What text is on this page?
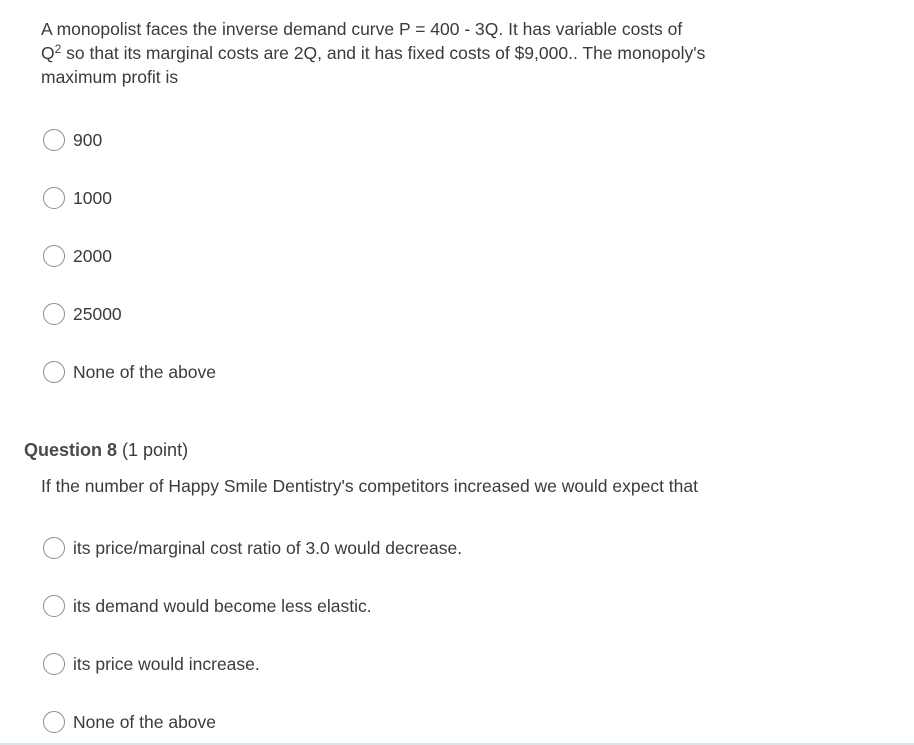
A monopolist faces the inverse demand curve P = 400 - 3Q. It has variable costs of
$Q^2$ so that its marginal costs are 2Q, and it has fixed costs of $9,000.. The monopoly's
maximum profit is

900
1000
2000
25000
None of the above
Question 8 (1 point)

If the number of Happy Smile Dentistry's competitors increased we would expect that

its price/marginal cost ratio of 3.0 would decrease.
its demand would become less elastic.
its price would increase.
None of the above
